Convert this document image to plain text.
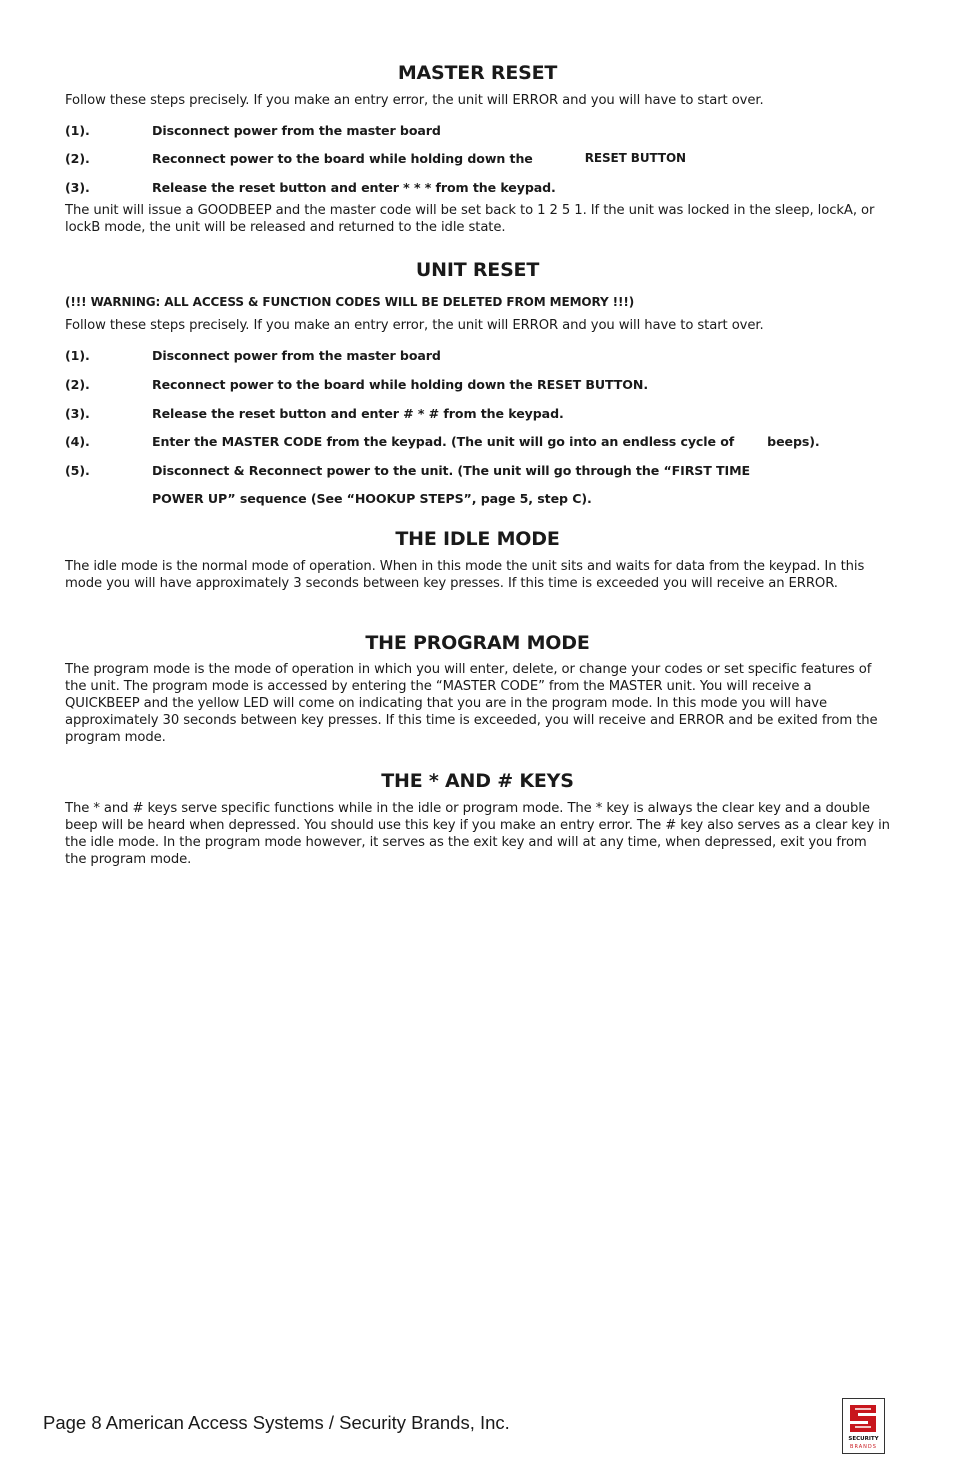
MASTER RESET

Follow these steps precisely. If you make an entry error, the unit will ERROR and you will have to start over.

(1).	Disconnect power from the master board
(2).	Reconnect power to the board while holding down the	RESET BUTTON
(3).	Release the reset button and enter * * * from the keypad.

The unit will issue a GOODBEEP and the master code will be set back to 1 2 5 1. If the unit was locked in the sleep, lockA, or lockB mode, the unit will be released and returned to the idle state.

UNIT RESET
(!!! WARNING: ALL ACCESS & FUNCTION CODES WILL BE DELETED FROM MEMORY !!!)

Follow these steps precisely. If you make an entry error, the unit will ERROR and you will have to start over.

(1).	Disconnect power from the master board
(2).	Reconnect power to the board while holding down the RESET BUTTON.
(3).	Release the reset button and enter # * # from the keypad.
(4).	Enter the MASTER CODE from the keypad. (The unit will go into an endless cycle of	beeps).
(5).	Disconnect & Reconnect power to the unit. (The unit will go through the “FIRST TIME
POWER UP” sequence (See “HOOKUP STEPS”, page 5, step C).
THE IDLE MODE

The idle mode is the normal mode of operation. When in this mode the unit sits and waits for data from the keypad. In this mode you will have approximately 3 seconds between key presses. If this time is exceeded you will receive an ERROR.

THE PROGRAM MODE

The program mode is the mode of operation in which you will enter, delete, or change your codes or set specific features of the unit. The program mode is accessed by entering the “MASTER CODE” from the MASTER unit. You will receive a QUICKBEEP and the yellow LED will come on indicating that you are in the program mode. In this mode you will have approximately 30 seconds between key presses. If this time is exceeded, you will receive and ERROR and be exited from the program mode.

THE * AND # KEYS

The * and # keys serve specific functions while in the idle or program mode. The * key is always the clear key and a double beep will be heard when depressed. You should use this key if you make an entry error. The # key also serves as a clear key in the idle mode. In the program mode however, it serves as the exit key and will at any time, when depressed, exit you from the program mode.

Page 8 American Access Systems / Security Brands, Inc.
SECURITY
BRANDS
